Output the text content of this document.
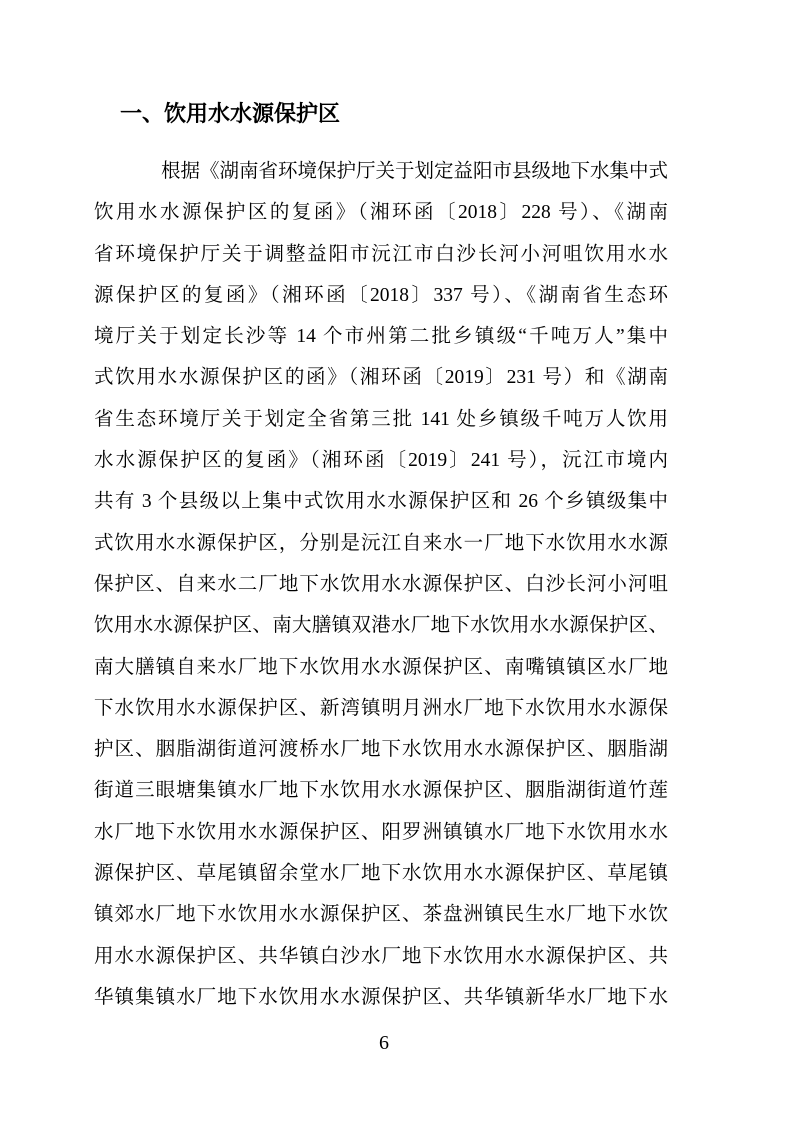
一、饮用水水源保护区
根据《湖南省环境保护厅关于划定益阳市县级地下水集中式
饮用水水源保护区的复函》（湘环函〔2018〕228 号）、《湖南
省环境保护厅关于调整益阳市沅江市白沙长河小河咀饮用水水
源保护区的复函》（湘环函〔2018〕337 号）、《湖南省生态环
境厅关于划定长沙等 14 个市州第二批乡镇级“千吨万人”集中
式饮用水水源保护区的函》（湘环函〔2019〕231 号）和《湖南
省生态环境厅关于划定全省第三批 141 处乡镇级千吨万人饮用
水水源保护区的复函》（湘环函〔2019〕241 号），沅江市境内
共有 3 个县级以上集中式饮用水水源保护区和 26 个乡镇级集中
式饮用水水源保护区，分别是沅江自来水一厂地下水饮用水水源
保护区、自来水二厂地下水饮用水水源保护区、白沙长河小河咀
饮用水水源保护区、南大膳镇双港水厂地下水饮用水水源保护区、
南大膳镇自来水厂地下水饮用水水源保护区、南嘴镇镇区水厂地
下水饮用水水源保护区、新湾镇明月洲水厂地下水饮用水水源保
护区、胭脂湖街道河渡桥水厂地下水饮用水水源保护区、胭脂湖
街道三眼塘集镇水厂地下水饮用水水源保护区、胭脂湖街道竹莲
水厂地下水饮用水水源保护区、阳罗洲镇镇水厂地下水饮用水水
源保护区、草尾镇留余堂水厂地下水饮用水水源保护区、草尾镇
镇郊水厂地下水饮用水水源保护区、茶盘洲镇民生水厂地下水饮
用水水源保护区、共华镇白沙水厂地下水饮用水水源保护区、共
华镇集镇水厂地下水饮用水水源保护区、共华镇新华水厂地下水
6
